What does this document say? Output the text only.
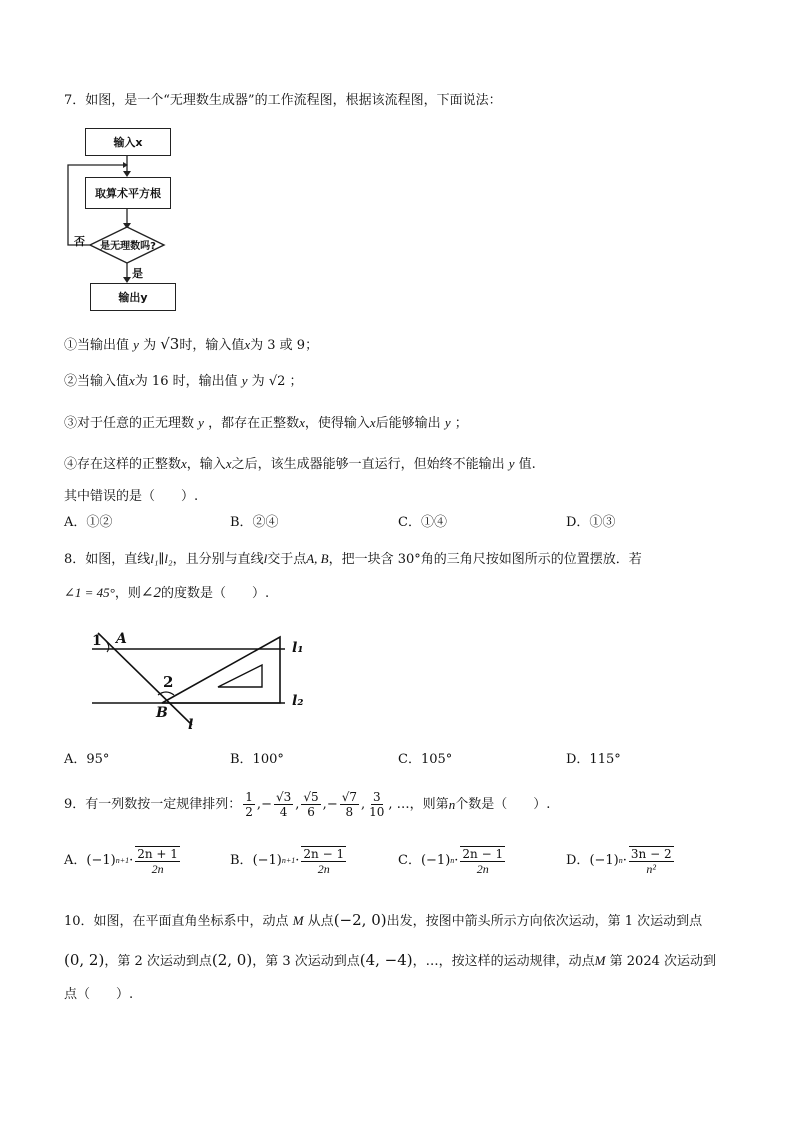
7．如图，是一个“无理数生成器”的工作流程图，根据该流程图，下面说法：
输入x
取算术平方根
是无理数吗?
否
是
输出y
①当输出值 y 为 √3时，输入值x为 3 或 9；
②当输入值x为 16 时，输出值 y 为 √2 ；
③对于任意的正无理数 y ，都存在正整数x，使得输入x后能够输出 y ；
④存在这样的正整数x，输入x之后，该生成器能够一直运行，但始终不能输出 y 值.
其中错误的是（　　）.
A．①②	B．②④	C．①④	D．①③
8．如图，直线l₁∥l₂，且分别与直线l交于点A, B，把一块含 30°角的三角尺按如图所示的位置摆放．若
∠1 = 45°，则∠2的度数是（　　）.
1 A
2
B
l
l₁
l₂
A．95°	B．100°	C．105°	D．115°
9．有一列数按一定规律排列： $\frac{1}{2}$ , − $\frac{√3}{4}$ , $\frac{√5}{6}$ , − $\frac{√7}{8}$ , $\frac{3}{10}$ , …，则第 n 个数是（　　）.
A． (−1) $n+1 \cdot \frac{2n + 1}{2n}$	B． (−1) $n+1 \cdot \frac{2n - 1}{2n}$	C． (−1) $n \cdot \frac{2n - 1}{2n}$	D． (−1) $n \cdot \frac{3n - 2}{\text{n²}}$
10．如图，在平面直角坐标系中，动点 M 从点(−2, 0)出发，按图中箭头所示方向依次运动，第 1 次运动到点
(0, 2)，第 2 次运动到点(2, 0)，第 3 次运动到点(4, −4)，…，按这样的运动规律，动点M 第 2024 次运动到
点（　　）.
